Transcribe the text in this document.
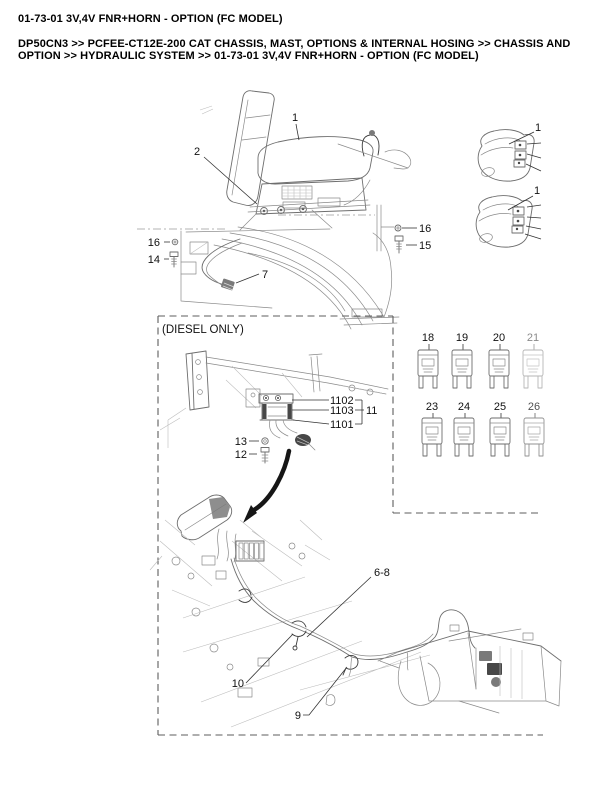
01-73-01 3V,4V FNR+HORN - OPTION (FC MODEL)
DP50CN3 >> PCFEE-CT12E-200 CAT CHASSIS, MAST, OPTIONS & INTERNAL HOSING >> CHASSIS AND OPTION >> HYDRAULIC SYSTEM >> 01-73-01 3V,4V FNR+HORN - OPTION (FC MODEL)
1
2
7
16
14
16
15
1
1
(DIESEL ONLY)
1102
1103
1101
11
13
12
6-8
10
9
18 19 20 21
23 24 25 26
